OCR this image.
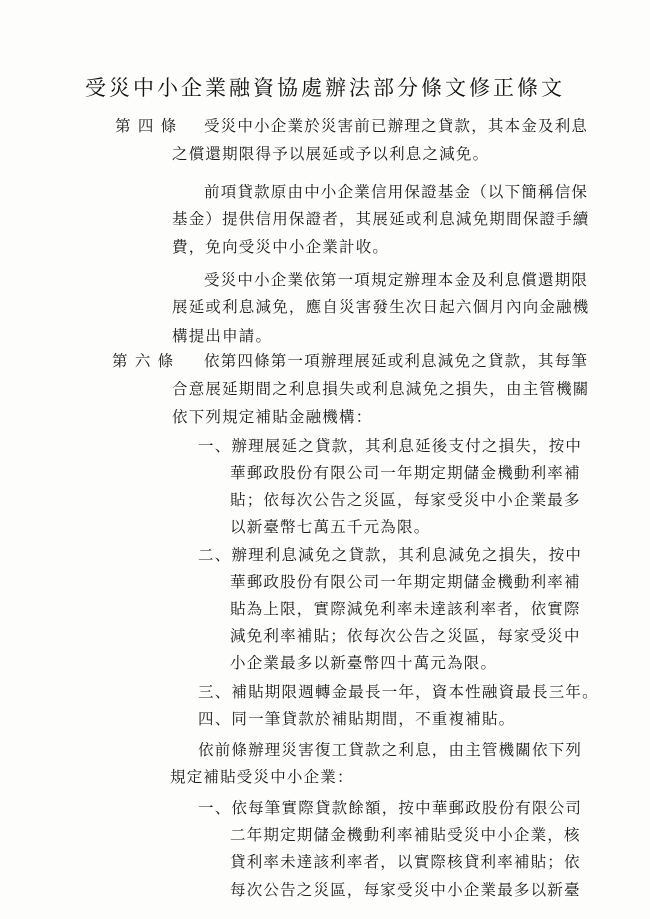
受災中小企業融資協處辦法部分條文修正條文
第 四 條 受災中小企業於災害前已辦理之貸款，其本金及利息
之償還期限得予以展延或予以利息之減免。
前項貸款原由中小企業信用保證基金（以下簡稱信保
基金）提供信用保證者，其展延或利息減免期間保證手續
費，免向受災中小企業計收。
受災中小企業依第一項規定辦理本金及利息償還期限
展延或利息減免，應自災害發生次日起六個月內向金融機
構提出申請。
第 六 條 依第四條第一項辦理展延或利息減免之貸款，其每筆
合意展延期間之利息損失或利息減免之損失，由主管機關
依下列規定補貼金融機構：
一、辦理展延之貸款，其利息延後支付之損失，按中
華郵政股份有限公司一年期定期儲金機動利率補
貼；依每次公告之災區，每家受災中小企業最多
以新臺幣七萬五千元為限。
二、辦理利息減免之貸款，其利息減免之損失，按中
華郵政股份有限公司一年期定期儲金機動利率補
貼為上限，實際減免利率未達該利率者，依實際
減免利率補貼；依每次公告之災區，每家受災中
小企業最多以新臺幣四十萬元為限。
三、補貼期限週轉金最長一年，資本性融資最長三年。
四、同一筆貸款於補貼期間，不重複補貼。
依前條辦理災害復工貸款之利息，由主管機關依下列
規定補貼受災中小企業：
一、依每筆實際貸款餘額，按中華郵政股份有限公司
二年期定期儲金機動利率補貼受災中小企業，核
貸利率未達該利率者，以實際核貸利率補貼；依
每次公告之災區，每家受災中小企業最多以新臺
